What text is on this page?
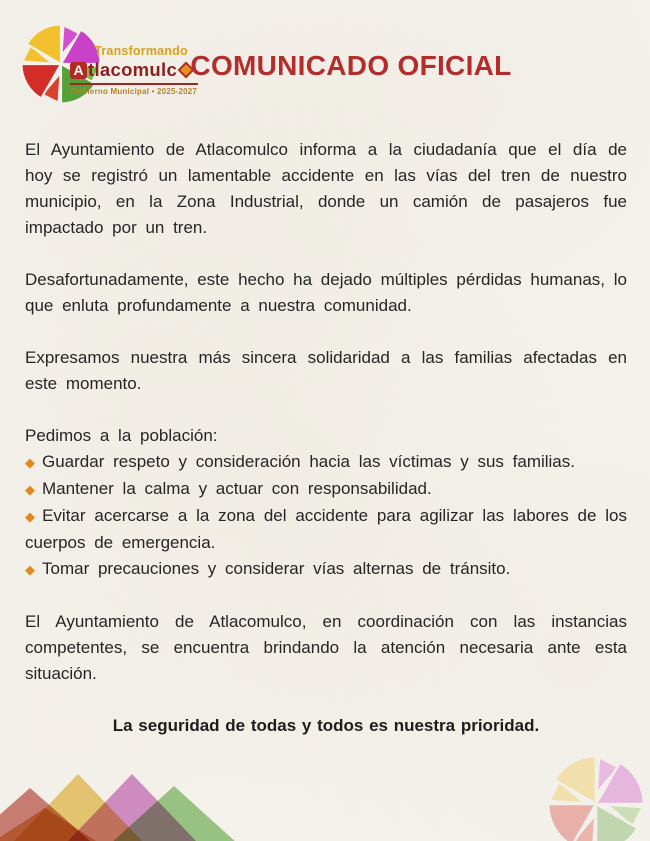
Transformando
A tlacomulc
Gobierno Municipal • 2025-2027
COMUNICADO OFICIAL

El Ayuntamiento de Atlacomulco informa a la ciudadanía que el día de hoy se registró un lamentable accidente en las vías del tren de nuestro municipio, en la Zona Industrial, donde un camión de pasajeros fue impactado por un tren.

Desafortunadamente, este hecho ha dejado múltiples pérdidas humanas, lo que enluta profundamente a nuestra comunidad.

Expresamos nuestra más sincera solidaridad a las familias afectadas en este momento.

Pedimos a la población:

◆ Guardar respeto y consideración hacia las víctimas y sus familias.

◆ Mantener la calma y actuar con responsabilidad.

◆ Evitar acercarse a la zona del accidente para agilizar las labores de los cuerpos de emergencia.

◆ Tomar precauciones y considerar vías alternas de tránsito.

El Ayuntamiento de Atlacomulco, en coordinación con las instancias competentes, se encuentra brindando la atención necesaria ante esta situación.

La seguridad de todas y todos es nuestra prioridad.
